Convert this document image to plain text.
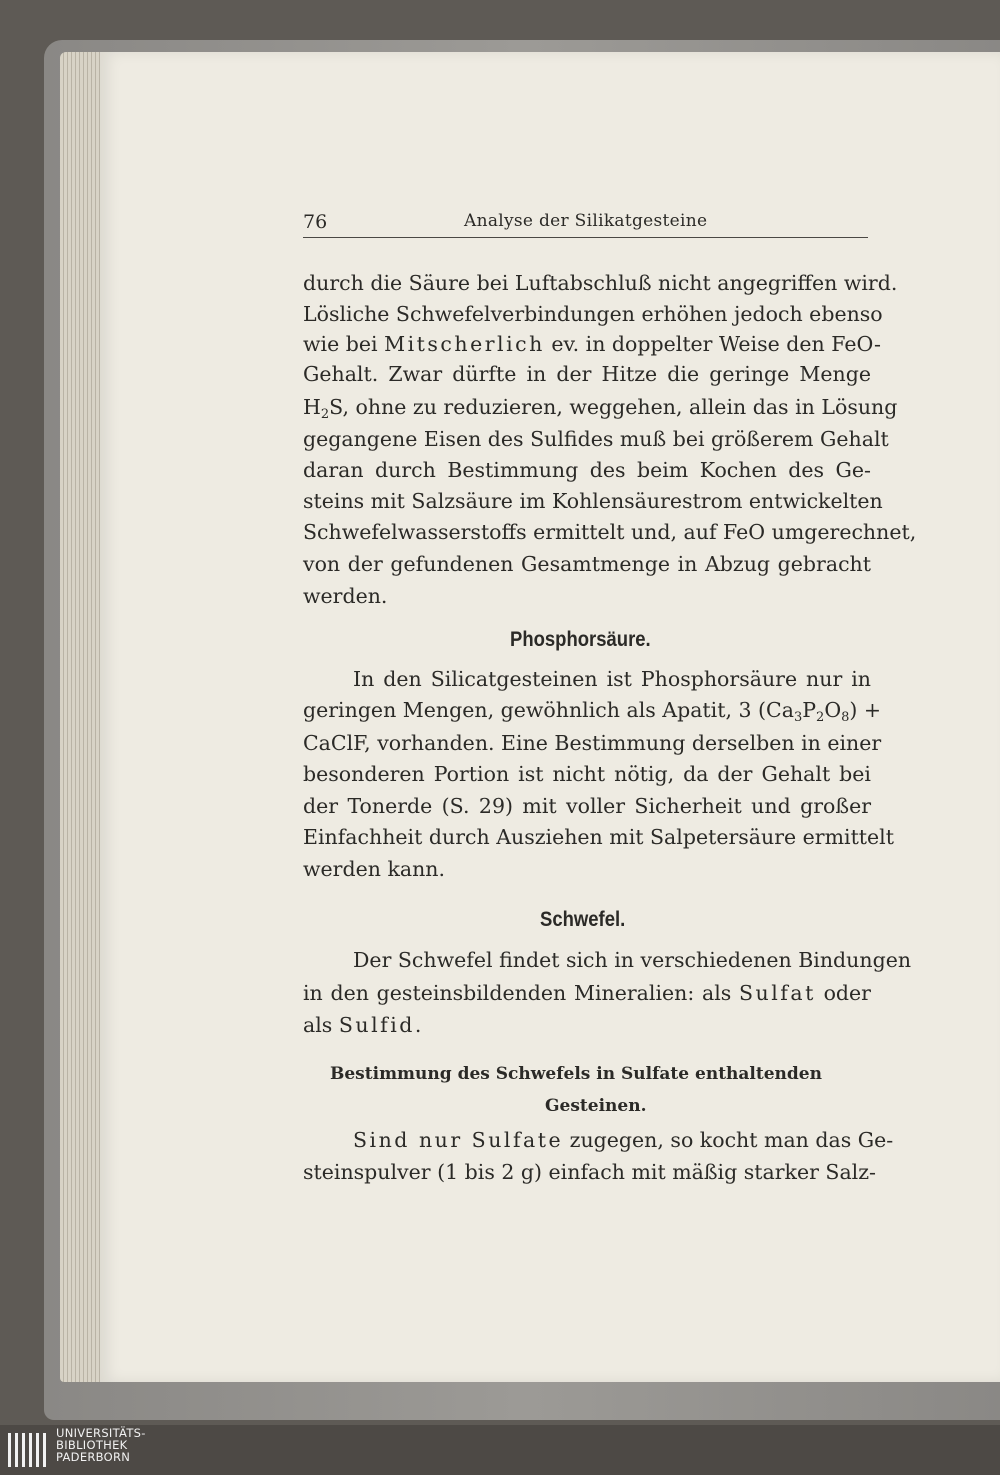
76	Analyse der Silikatgesteine
durch die Säure bei Luftabschluß nicht angegriffen wird.
Lösliche Schwefelverbindungen erhöhen jedoch ebenso
wie bei Mitscherlich ev. in doppelter Weise den FeO-
Gehalt. Zwar dürfte in der Hitze die geringe Menge
$H_2S$, ohne zu reduzieren, weggehen, allein das in Lösung
gegangene Eisen des Sulfides muß bei größerem Gehalt
daran durch Bestimmung des beim Kochen des Ge-
steins mit Salzsäure im Kohlensäurestrom entwickelten
Schwefelwasserstoffs ermittelt und, auf FeO umgerechnet,
von der gefundenen Gesamtmenge in Abzug gebracht
werden.
Phosphorsäure.
In den Silicatgesteinen ist Phosphorsäure nur in
geringen Mengen, gewöhnlich als Apatit, 3 $(Ca_3P_2O_8)$ +
CaClF, vorhanden. Eine Bestimmung derselben in einer
besonderen Portion ist nicht nötig, da der Gehalt bei
der Tonerde (S. 29) mit voller Sicherheit und großer
Einfachheit durch Ausziehen mit Salpetersäure ermittelt
werden kann.
Schwefel.
Der Schwefel findet sich in verschiedenen Bindungen
in den gesteinsbildenden Mineralien: als Sulfat oder
als Sulfid.
Bestimmung des Schwefels in Sulfate enthaltenden
Gesteinen.
Sind nur Sulfate zugegen, so kocht man das Ge-
steinspulver (1 bis 2 g) einfach mit mäßig starker Salz-
UNIVERSITÄTS-
BIBLIOTHEK
PADERBORN
